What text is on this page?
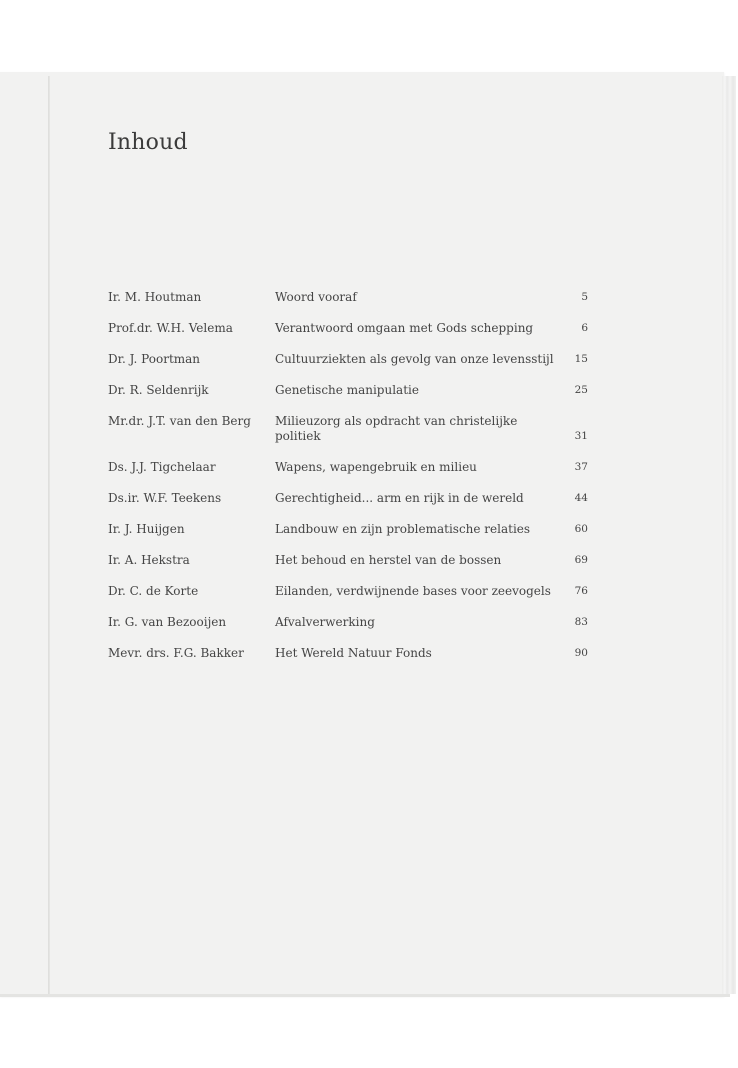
Inhoud
Ir. M. Houtman	Woord vooraf	5
Prof.dr. W.H. Velema	Verantwoord omgaan met Gods schepping	6
Dr. J. Poortman	Cultuurziekten als gevolg van onze levensstijl	15
Dr. R. Seldenrijk	Genetische manipulatie	25
Mr.dr. J.T. van den Berg	Milieuzorg als opdracht van christelijke politiek	31
Ds. J.J. Tigchelaar	Wapens, wapengebruik en milieu	37
Ds.ir. W.F. Teekens	Gerechtigheid... arm en rijk in de wereld	44
Ir. J. Huijgen	Landbouw en zijn problematische relaties	60
Ir. A. Hekstra	Het behoud en herstel van de bossen	69
Dr. C. de Korte	Eilanden, verdwijnende bases voor zeevogels	76
Ir. G. van Bezooijen	Afvalverwerking	83
Mevr. drs. F.G. Bakker	Het Wereld Natuur Fonds	90
